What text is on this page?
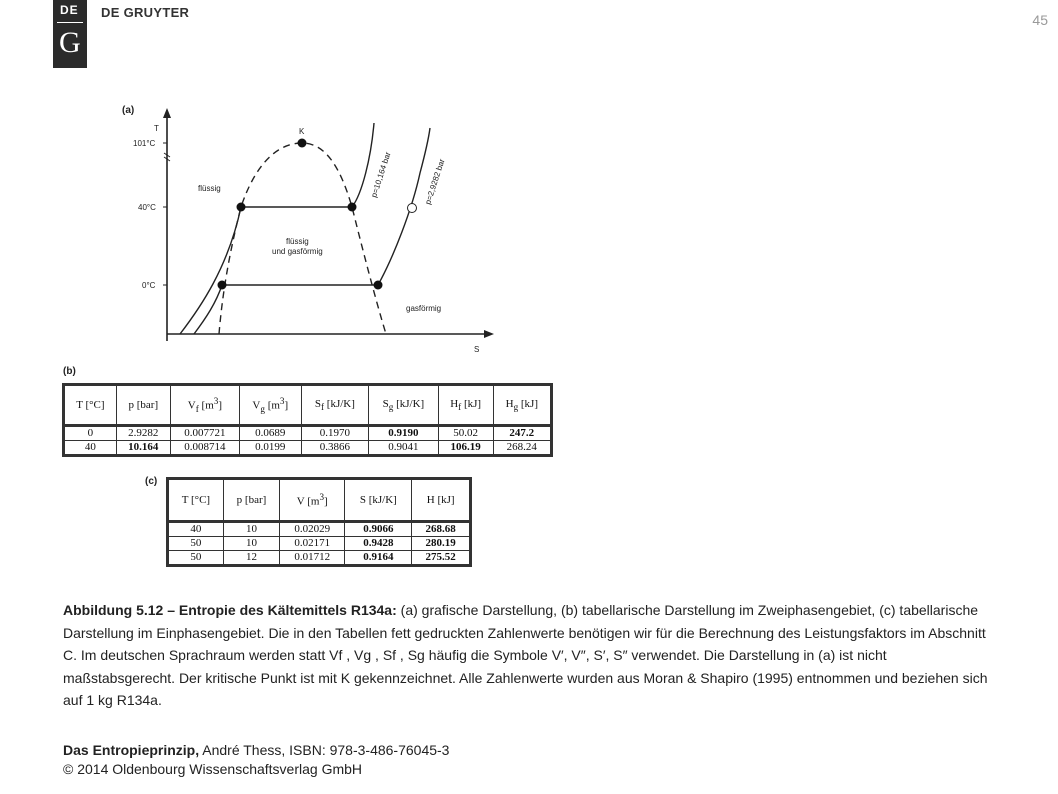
DE
G
DE GRUYTER	45
(a)
T
S
101°C
40°C
0°C
K
flüssig
flüssig
und gasförmig
gasförmig
p=10,164 bar	p=2,9282 bar
(b)
T [°C]	p [bar]	$V_f$ $[m^3]$	$V_g$ $[m^3]$	$S_f$ [kJ/K]	$S_g$ [kJ/K]	$H_f$ [kJ]	$H_g$ [kJ]
0	2.9282	0.007721	0.0689	0.1970	0.9190	50.02	247.2
40	10.164	0.008714	0.0199	0.3866	0.9041	106.19	268.24
(c)
T [°C]	p [bar]	V $[m^3]$	S [kJ/K]	H [kJ]
40	10	0.02029	0.9066	268.68
50	10	0.02171	0.9428	280.19
50	12	0.01712	0.9164	275.52
Abbildung 5.12 – Entropie des Kältemittels R134a: (a) grafische Darstellung, (b) tabellarische Darstellung im Zweiphasengebiet, (c) tabellarische Darstellung im Einphasengebiet. Die in den Tabellen fett gedruckten Zahlenwerte benötigen wir für die Berechnung des Leistungsfaktors im Abschnitt C. Im deutschen Sprachraum werden statt Vf , Vg , Sf , Sg häufig die Symbole V′, V″, S′, S″ verwendet. Die Darstellung in (a) ist nicht maßstabsgerecht. Der kritische Punkt ist mit K gekennzeichnet. Alle Zahlenwerte wurden aus Moran & Shapiro (1995) entnommen und beziehen sich auf 1 kg R134a.
Das Entropieprinzip, André Thess, ISBN: 978-3-486-76045-3
© 2014 Oldenbourg Wissenschaftsverlag GmbH
